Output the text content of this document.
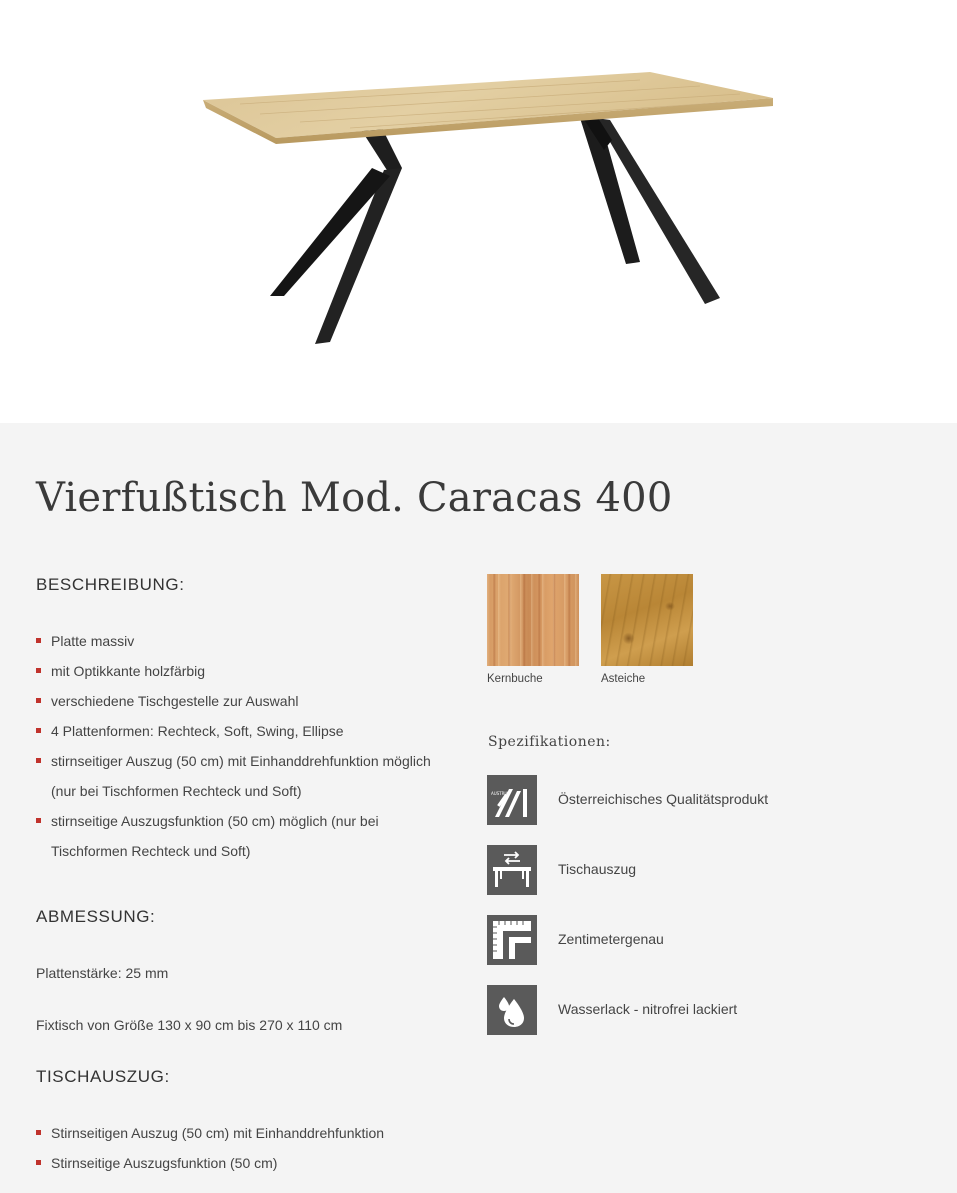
Vierfußtisch Mod. Caracas 400
BESCHREIBUNG:
Platte massiv
mit Optikkante holzfärbig
verschiedene Tischgestelle zur Auswahl
4 Plattenformen: Rechteck, Soft, Swing, Ellipse
stirnseitiger Auszug (50 cm) mit Einhanddrehfunktion möglich
(nur bei Tischformen Rechteck und Soft)
stirnseitige Auszugsfunktion (50 cm) möglich (nur bei
Tischformen Rechteck und Soft)
ABMESSUNG:

Plattenstärke: 25 mm

Fixtisch von Größe 130 x 90 cm bis 270 x 110 cm

TISCHAUSZUG:
Stirnseitigen Auszug (50 cm) mit Einhanddrehfunktion
Stirnseitige Auszugsfunktion (50 cm)
Kernbuche	Asteiche
Spezifikationen:
AUSTRIA	Österreichisches Qualitätsprodukt
Tischauszug
Zentimetergenau
Wasserlack - nitrofrei lackiert
